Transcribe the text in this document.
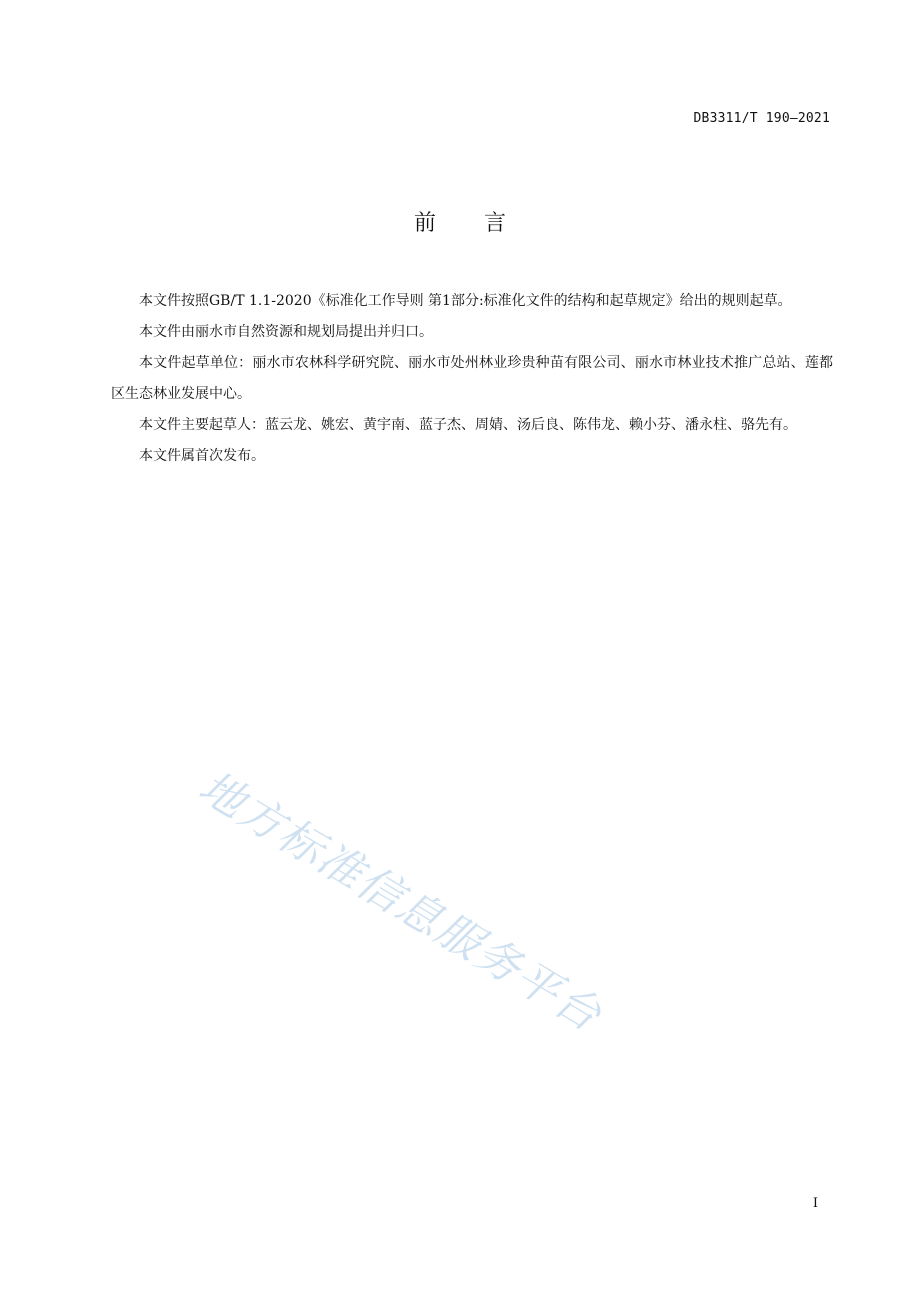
DB3311/T 190—2021
前言

本文件按照GB/T 1.1-2020《标准化工作导则 第1部分:标准化文件的结构和起草规定》给出的规则起草。

本文件由丽水市自然资源和规划局提出并归口。

本文件起草单位：丽水市农林科学研究院、丽水市处州林业珍贵种苗有限公司、丽水市林业技术推广总站、莲都区生态林业发展中心。

本文件主要起草人：蓝云龙、姚宏、黄宇南、蓝子杰、周婧、汤后良、陈伟龙、赖小芬、潘永柱、骆先有。

本文件属首次发布。

地方标准信息服务平台
I
